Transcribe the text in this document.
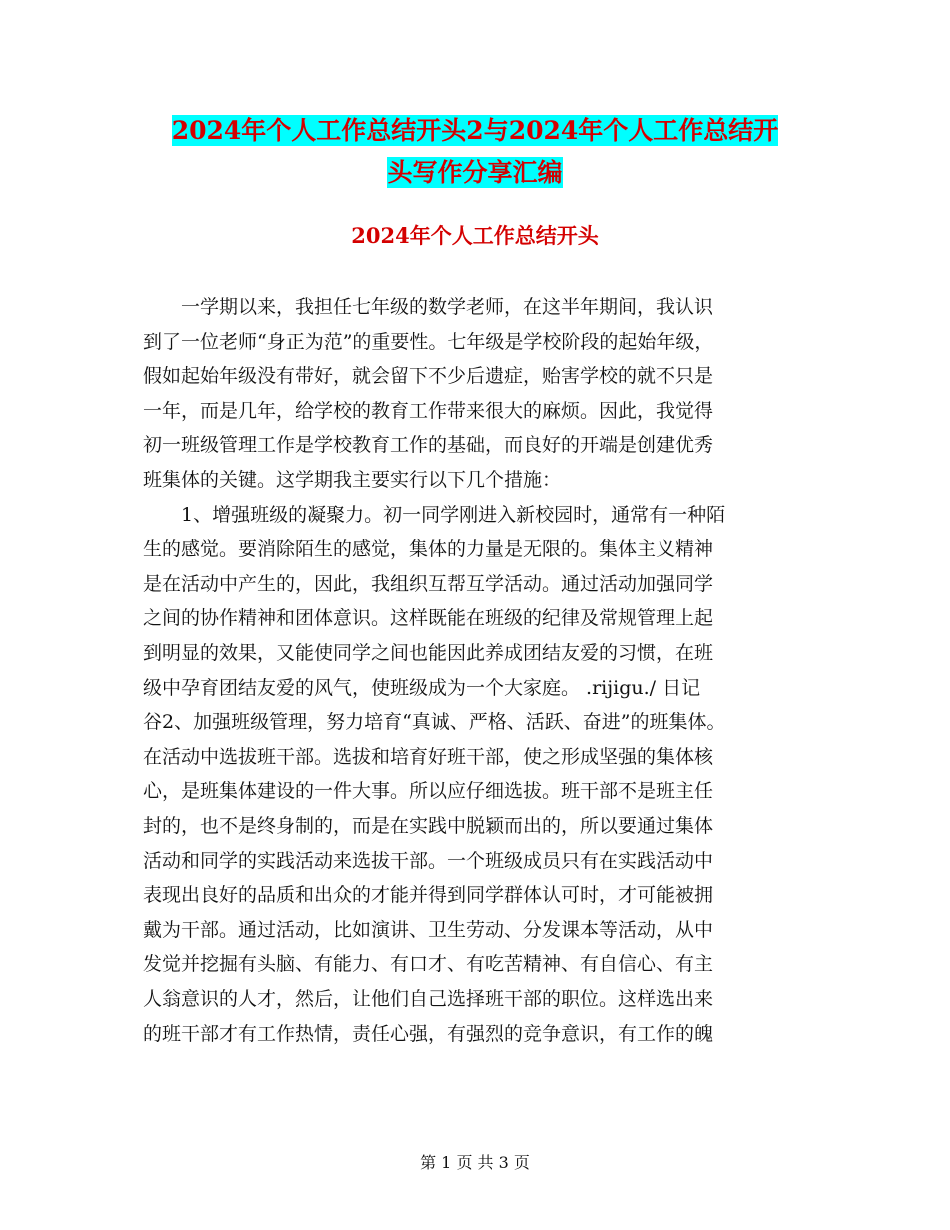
2024年个人工作总结开头2与2024年个人工作总结开
头写作分享汇编
2024年个人工作总结开头
　　一学期以来，我担任七年级的数学老师，在这半年期间，我认识
到了一位老师“身正为范”的重要性。七年级是学校阶段的起始年级，
假如起始年级没有带好，就会留下不少后遗症，贻害学校的就不只是
一年，而是几年，给学校的教育工作带来很大的麻烦。因此，我觉得
初一班级管理工作是学校教育工作的基础，而良好的开端是创建优秀
班集体的关键。这学期我主要实行以下几个措施：
　　1、增强班级的凝聚力。初一同学刚进入新校园时，通常有一种陌
生的感觉。要消除陌生的感觉，集体的力量是无限的。集体主义精神
是在活动中产生的，因此，我组织互帮互学活动。通过活动加强同学
之间的协作精神和团体意识。这样既能在班级的纪律及常规管理上起
到明显的效果，又能使同学之间也能因此养成团结友爱的习惯，在班
级中孕育团结友爱的风气，使班级成为一个大家庭。 .rijigu./ 日记
谷2、加强班级管理，努力培育“真诚、严格、活跃、奋进”的班集体。
在活动中选拔班干部。选拔和培育好班干部，使之形成坚强的集体核
心，是班集体建设的一件大事。所以应仔细选拔。班干部不是班主任
封的，也不是终身制的，而是在实践中脱颖而出的，所以要通过集体
活动和同学的实践活动来选拔干部。一个班级成员只有在实践活动中
表现出良好的品质和出众的才能并得到同学群体认可时，才可能被拥
戴为干部。通过活动，比如演讲、卫生劳动、分发课本等活动，从中
发觉并挖掘有头脑、有能力、有口才、有吃苦精神、有自信心、有主
人翁意识的人才，然后，让他们自己选择班干部的职位。这样选出来
的班干部才有工作热情，责任心强，有强烈的竞争意识，有工作的魄
第 1 页 共 3 页
